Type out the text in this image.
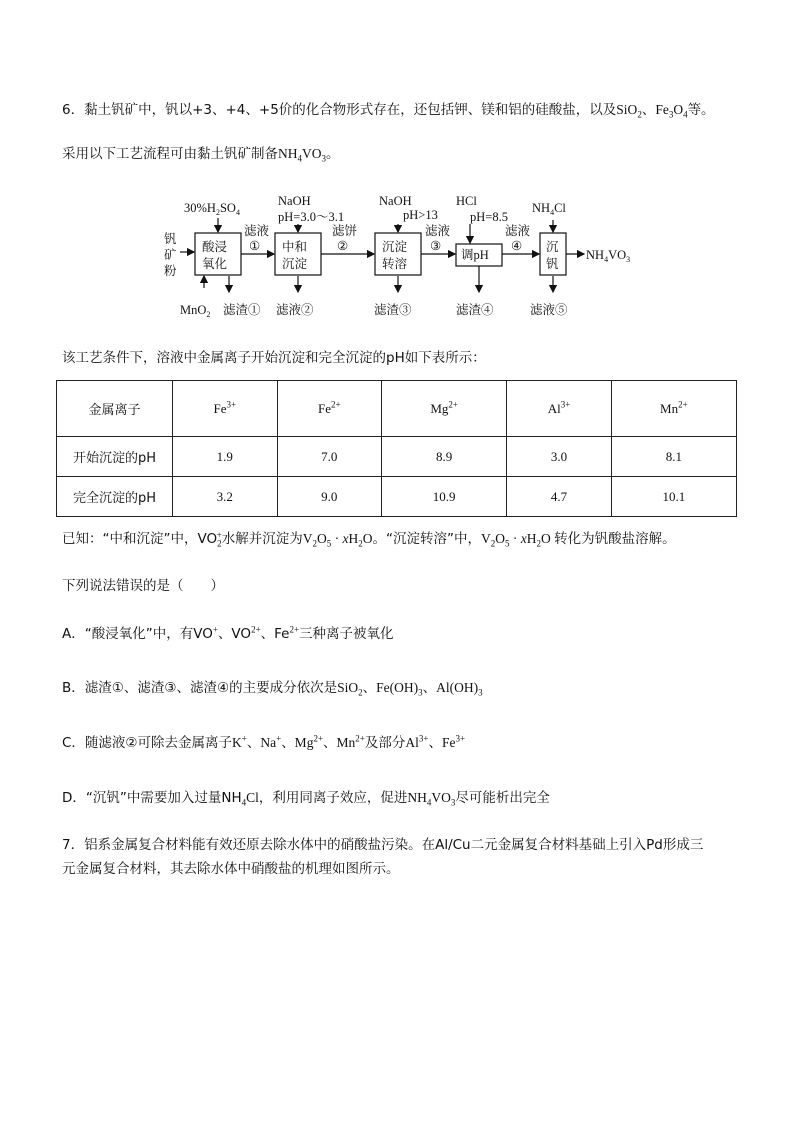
6．黏土钒矿中，钒以+3、+4、+5价的化合物形式存在，还包括钾、镁和铝的硅酸盐，以及SiO$_2$、$Fe_3O_4$等。
采用以下工艺流程可由黏土钒矿制备$NH_4VO_3$。
钒
矿
粉
酸浸
氧化
中和
沉淀
沉淀
转溶
调pH
沉
钒
$30\%H_2SO_4$
NaOH
pH=3.0～3.1
NaOH
pH>13
HCl
pH=8.5
$NH_4Cl$
滤液
①
滤饼
②
滤液
③
滤液
④
$NH_4VO_3$
MnO$_2$ 滤渣① 滤液②	滤渣③	滤渣④	滤液⑤
该工艺条件下，溶液中金属离子开始沉淀和完全沉淀的pH如下表所示：
金属离子	$Fe^{3+}$	$Fe^{2+}$	$Mg^{2+}$	$Al^{3+}$	$Mn^{2+}$
开始沉淀的pH	1.9	7.0	8.9	3.0	8.1
完全沉淀的pH	3.2	9.0	10.9	4.7	10.1
已知：“中和沉淀”中，$VO_2^+$水解并沉淀为$V_2O_5 \cdot xH_2O$。“沉淀转溶”中，$V_2O_5 \cdot xH_2O$ 转化为钒酸盐溶解。
下列说法错误的是（　　）
A．“酸浸氧化”中，有VO+、$VO^{2+}$、$Fe^{2+}$三种离子被氧化
B．滤渣①、滤渣③、滤渣④的主要成分依次是SiO$_2$、$Fe(OH)_3$、$Al(OH)_3$
C．随滤液②可除去金属离子K+、Na+、$Mg^{2+}$、$Mn^{2+}$及部分$Al^{3+}$、$Fe^{3+}$
D．“沉钒”中需要加入过量$NH_4Cl$，利用同离子效应，促进$NH_4VO_3$尽可能析出完全
7．铝系金属复合材料能有效还原去除水体中的硝酸盐污染。在Al/Cu二元金属复合材料基础上引入Pd形成三
元金属复合材料，其去除水体中硝酸盐的机理如图所示。
